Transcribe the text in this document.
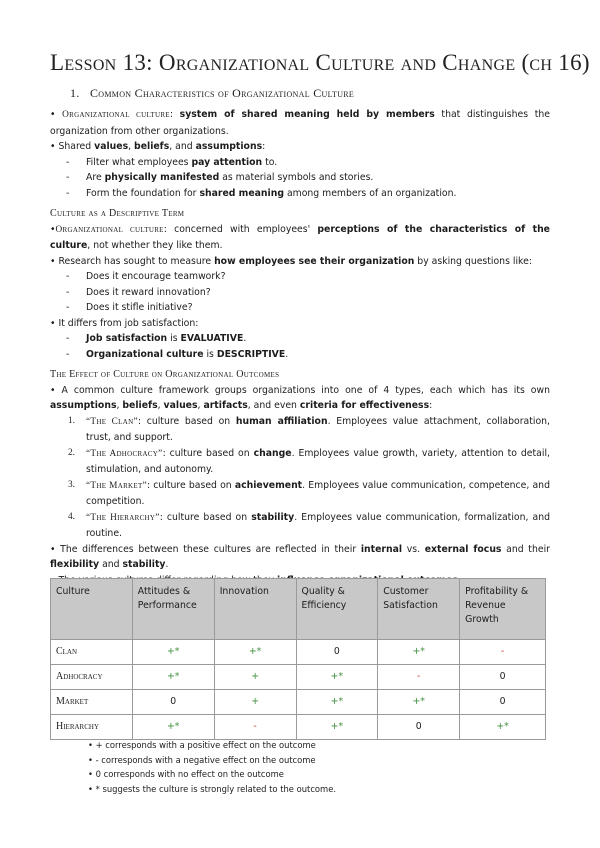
Lesson 13: Organizational Culture and Change (ch 16)
1. Common Characteristics of Organizational Culture

• Organizational culture: system of shared meaning held by members that distinguishes the organization from other organizations.

• Shared values, beliefs, and assumptions:

- Filter what employees pay attention to.

- Are physically manifested as material symbols and stories.

- Form the foundation for shared meaning among members of an organization.

Culture as a Descriptive Term

•Organizational culture: concerned with employees' perceptions of the characteristics of the culture, not whether they like them.

• Research has sought to measure how employees see their organization by asking questions like:

- Does it encourage teamwork?

- Does it reward innovation?

- Does it stifle initiative?

• It differs from job satisfaction:

- Job satisfaction is EVALUATIVE.

- Organizational culture is DESCRIPTIVE.

The Effect of Culture on Organizational Outcomes

• A common culture framework groups organizations into one of 4 types, each which has its own assumptions, beliefs, values, artifacts, and even criteria for effectiveness:

1. “The Clan”: culture based on human affiliation. Employees value attachment, collaboration, trust, and support.

2. “The Adhocracy”: culture based on change. Employees value growth, variety, attention to detail, stimulation, and autonomy.

3. “The Market”: culture based on achievement. Employees value communication, competence, and competition.

4. “The Hierarchy”: culture based on stability. Employees value communication, formalization, and routine.

• The differences between these cultures are reflected in their internal vs. external focus and their flexibility and stability.

Culture	Attitudes & Performance	Innovation	Quality & Efficiency	Customer Satisfaction	Profitability & Revenue Growth
Clan	+*	+*	0	+*	-
Adhocracy	+*	+	+*	-	0
Market	0	+	+*	+*	0
Hierarchy	+*	-	+*	0	+*

• + corresponds with a positive effect on the outcome

• - corresponds with a negative effect on the outcome

• 0 corresponds with no effect on the outcome

• * suggests the culture is strongly related to the outcome.
